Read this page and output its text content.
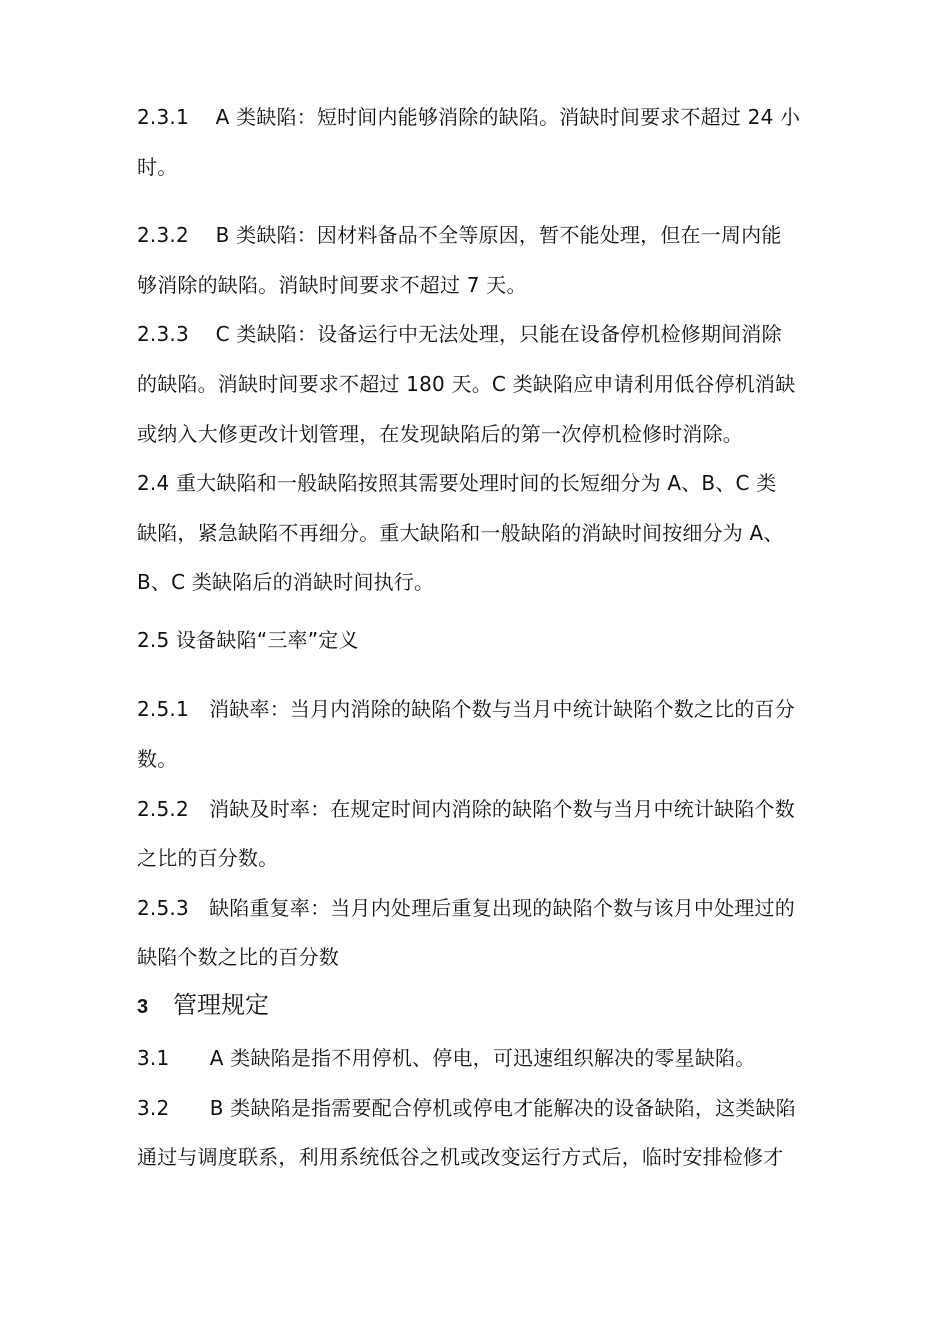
2.3.1　 A 类缺陷：短时间内能够消除的缺陷。消缺时间要求不超过 24 小
时。
2.3.2　 B 类缺陷：因材料备品不全等原因，暂不能处理，但在一周内能
够消除的缺陷。消缺时间要求不超过 7 天。
2.3.3　 C 类缺陷：设备运行中无法处理，只能在设备停机检修期间消除
的缺陷。消缺时间要求不超过 180 天。C 类缺陷应申请利用低谷停机消缺
或纳入大修更改计划管理，在发现缺陷后的第一次停机检修时消除。
2.4 重大缺陷和一般缺陷按照其需要处理时间的长短细分为 A、B、C 类
缺陷，紧急缺陷不再细分。重大缺陷和一般缺陷的消缺时间按细分为 A、
B、C 类缺陷后的消缺时间执行。
2.5 设备缺陷“三率”定义
2.5.1　消缺率：当月内消除的缺陷个数与当月中统计缺陷个数之比的百分
数。
2.5.2　消缺及时率：在规定时间内消除的缺陷个数与当月中统计缺陷个数
之比的百分数。
2.5.3　缺陷重复率：当月内处理后重复出现的缺陷个数与该月中处理过的
缺陷个数之比的百分数
3 管理规定
3.1　　A 类缺陷是指不用停机、停电，可迅速组织解决的零星缺陷。
3.2　　B 类缺陷是指需要配合停机或停电才能解决的设备缺陷，这类缺陷
通过与调度联系，利用系统低谷之机或改变运行方式后，临时安排检修才
